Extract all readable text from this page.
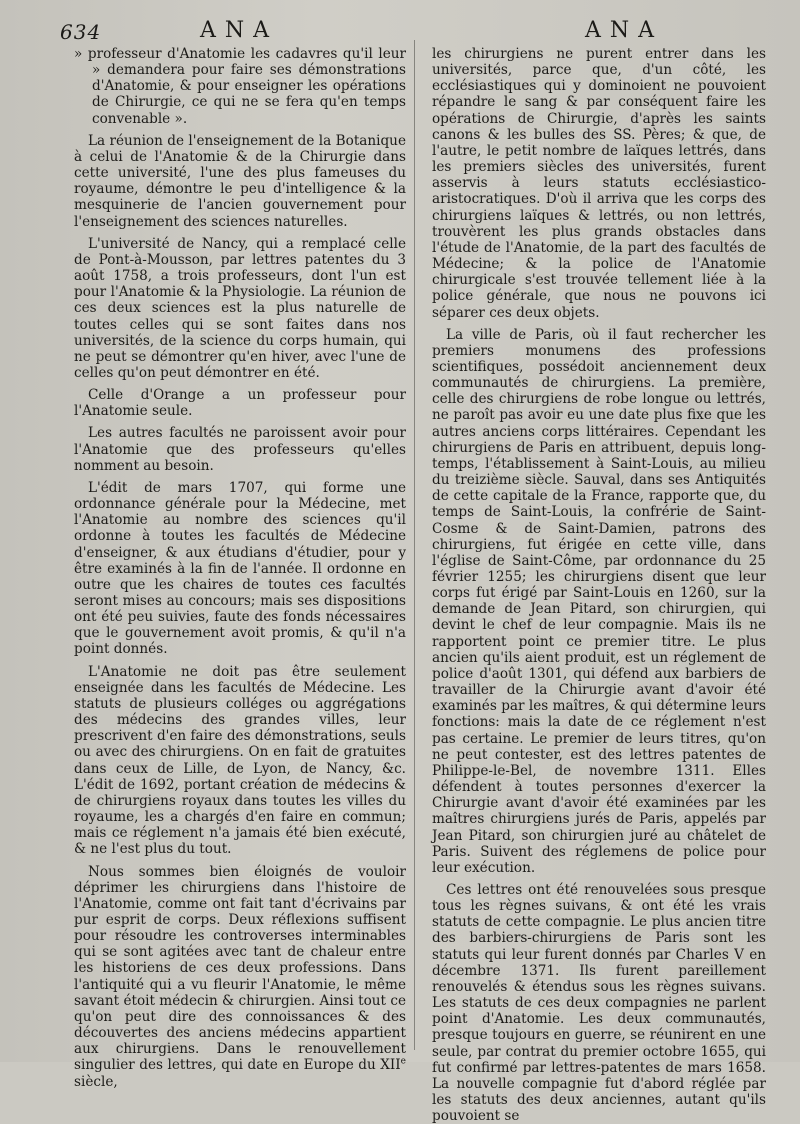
634	ANA	ANA

» professeur d'Anatomie les cadavres qu'il leur » demandera pour faire ses démonstrations d'Anatomie, & pour enseigner les opérations de Chirurgie, ce qui ne se fera qu'en temps convenable ».

La réunion de l'enseignement de la Botanique à celui de l'Anatomie & de la Chirurgie dans cette université, l'une des plus fameuses du royaume, démontre le peu d'intelligence & la mesquinerie de l'ancien gouvernement pour l'enseignement des sciences naturelles.

L'université de Nancy, qui a remplacé celle de Pont-à-Mousson, par lettres patentes du 3 août 1758, a trois professeurs, dont l'un est pour l'Anatomie & la Physiologie. La réunion de ces deux sciences est la plus naturelle de toutes celles qui se sont faites dans nos universités, de la science du corps humain, qui ne peut se démontrer qu'en hiver, avec l'une de celles qu'on peut démontrer en été.

Celle d'Orange a un professeur pour l'Anatomie seule.

Les autres facultés ne paroissent avoir pour l'Anatomie que des professeurs qu'elles nomment au besoin.

L'édit de mars 1707, qui forme une ordonnance générale pour la Médecine, met l'Anatomie au nombre des sciences qu'il ordonne à toutes les facultés de Médecine d'enseigner, & aux étudians d'étudier, pour y être examinés à la fin de l'année. Il ordonne en outre que les chaires de toutes ces facultés seront mises au concours; mais ses dispositions ont été peu suivies, faute des fonds nécessaires que le gouvernement avoit promis, & qu'il n'a point donnés.

L'Anatomie ne doit pas être seulement enseignée dans les facultés de Médecine. Les statuts de plusieurs colléges ou aggrégations des médecins des grandes villes, leur prescrivent d'en faire des démonstrations, seuls ou avec des chirurgiens. On en fait de gratuites dans ceux de Lille, de Lyon, de Nancy, &c. L'édit de 1692, portant création de médecins & de chirurgiens royaux dans toutes les villes du royaume, les a chargés d'en faire en commun; mais ce réglement n'a jamais été bien exécuté, & ne l'est plus du tout.

Nous sommes bien éloignés de vouloir déprimer les chirurgiens dans l'histoire de l'Anatomie, comme ont fait tant d'écrivains par pur esprit de corps. Deux réflexions suffisent pour résoudre les controverses interminables qui se sont agitées avec tant de chaleur entre les historiens de ces deux professions. Dans l'antiquité qui a vu fleurir l'Anatomie, le même savant étoit médecin & chirurgien. Ainsi tout ce qu'on peut dire des connoissances & des découvertes des anciens médecins appartient aux chirurgiens. Dans le renouvellement singulier des lettres, qui date en Europe du XIIe siècle,

les chirurgiens ne purent entrer dans les universités, parce que, d'un côté, les ecclésiastiques qui y dominoient ne pouvoient répandre le sang & par conséquent faire les opérations de Chirurgie, d'après les saints canons & les bulles des SS. Pères; & que, de l'autre, le petit nombre de laïques lettrés, dans les premiers siècles des universités, furent asservis à leurs statuts ecclésiastico-aristocratiques. D'où il arriva que les corps des chirurgiens laïques & lettrés, ou non lettrés, trouvèrent les plus grands obstacles dans l'étude de l'Anatomie, de la part des facultés de Médecine; & la police de l'Anatomie chirurgicale s'est trouvée tellement liée à la police générale, que nous ne pouvons ici séparer ces deux objets.

La ville de Paris, où il faut rechercher les premiers monumens des professions scientifiques, possédoit anciennement deux communautés de chirurgiens. La première, celle des chirurgiens de robe longue ou lettrés, ne paroît pas avoir eu une date plus fixe que les autres anciens corps littéraires. Cependant les chirurgiens de Paris en attribuent, depuis long-temps, l'établissement à Saint-Louis, au milieu du treizième siècle. Sauval, dans ses Antiquités de cette capitale de la France, rapporte que, du temps de Saint-Louis, la confrérie de Saint-Cosme & de Saint-Damien, patrons des chirurgiens, fut érigée en cette ville, dans l'église de Saint-Côme, par ordonnance du 25 février 1255; les chirurgiens disent que leur corps fut érigé par Saint-Louis en 1260, sur la demande de Jean Pitard, son chirurgien, qui devint le chef de leur compagnie. Mais ils ne rapportent point ce premier titre. Le plus ancien qu'ils aient produit, est un réglement de police d'août 1301, qui défend aux barbiers de travailler de la Chirurgie avant d'avoir été examinés par les maîtres, & qui détermine leurs fonctions: mais la date de ce réglement n'est pas certaine. Le premier de leurs titres, qu'on ne peut contester, est des lettres patentes de Philippe-le-Bel, de novembre 1311. Elles défendent à toutes personnes d'exercer la Chirurgie avant d'avoir été examinées par les maîtres chirurgiens jurés de Paris, appelés par Jean Pitard, son chirurgien juré au châtelet de Paris. Suivent des réglemens de police pour leur exécution.

Ces lettres ont été renouvelées sous presque tous les règnes suivans, & ont été les vrais statuts de cette compagnie. Le plus ancien titre des barbiers-chirurgiens de Paris sont les statuts qui leur furent donnés par Charles V en décembre 1371. Ils furent pareillement renouvelés & étendus sous les règnes suivans. Les statuts de ces deux compagnies ne parlent point d'Anatomie. Les deux communautés, presque toujours en guerre, se réunirent en une seule, par contrat du premier octobre 1655, qui fut confirmé par lettres-patentes de mars 1658. La nouvelle compagnie fut d'abord réglée par les statuts des deux anciennes, autant qu'ils pouvoient se
